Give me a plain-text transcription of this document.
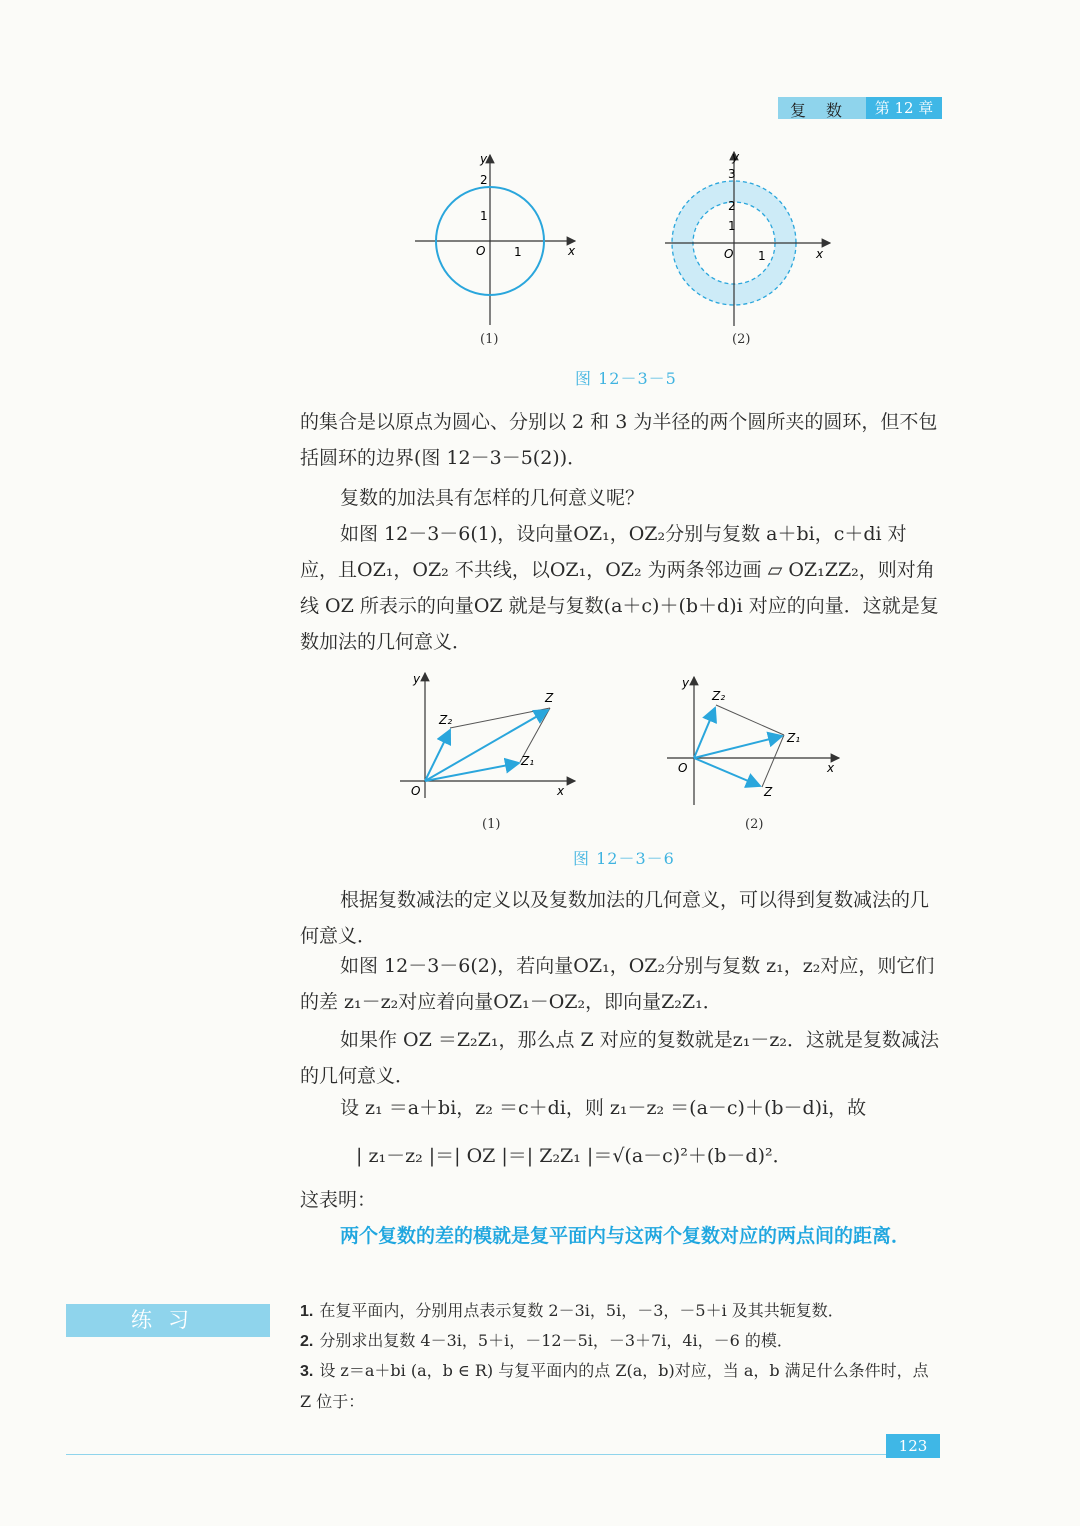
复　数	第 12 章
y
x
O 1
1
2
(1)
y
x
O 1
3
2
1
(2)
图 12－3－5
的集合是以原点为圆心、分别以 2 和 3 为半径的两个圆所夹的圆环，但不包括圆环的边界(图 12－3－5(2))．
复数的加法具有怎样的几何意义呢？
如图 12－3－6(1)，设向量OZ₁，OZ₂分别与复数 a＋bi，c＋di 对应，且OZ₁，OZ₂ 不共线，以OZ₁，OZ₂ 为两条邻边画 ▱ OZ₁ZZ₂，则对角线 OZ 所表示的向量OZ 就是与复数(a＋c)＋(b＋d)i 对应的向量．这就是复数加法的几何意义．
y
x
O
Z
Z₂
Z₁
(1)
y
x
O
Z₂
Z₁
Z
(2)
图 12－3－6
根据复数减法的定义以及复数加法的几何意义，可以得到复数减法的几何意义．
如图 12－3－6(2)，若向量OZ₁，OZ₂分别与复数 z₁，z₂对应，则它们的差 z₁－z₂对应着向量OZ₁－OZ₂，即向量Z₂Z₁．
如果作 OZ ＝Z₂Z₁，那么点 Z 对应的复数就是z₁－z₂．这就是复数减法的几何意义．
设 z₁ ＝a＋bi，z₂ ＝c＋di，则 z₁－z₂ ＝(a－c)＋(b－d)i，故
| z₁－z₂ |＝| OZ |＝| Z₂Z₁ |＝√(a－c)²＋(b－d)²．
这表明：
两个复数的差的模就是复平面内与这两个复数对应的两点间的距离．
练习	1. 在复平面内，分别用点表示复数 2－3i，5i，－3，－5＋i 及其共轭复数．
2. 分别求出复数 4－3i，5＋i，－12－5i，－3＋7i，4i，－6 的模．
3. 设 z＝a＋bi (a，b ∈ R) 与复平面内的点 Z(a，b)对应，当 a，b 满足什么条件时，点 Z 位于：
123
